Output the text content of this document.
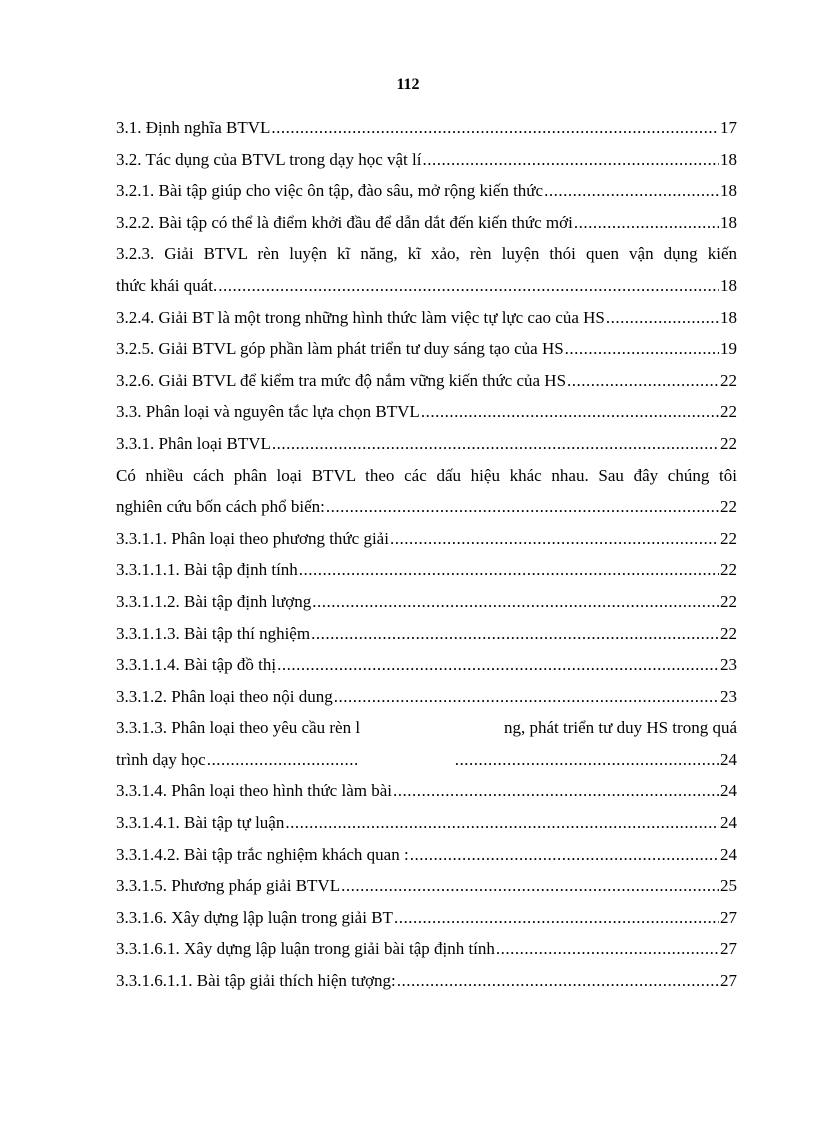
112
3.1. Định nghĩa BTVL .....	17
3.2. Tác dụng của BTVL trong dạy học vật lí .....	18
3.2.1. Bài tập giúp cho việc ôn tập, đào sâu, mở rộng kiến thức .....	18
3.2.2. Bài tập có thể là điểm khởi đầu để dẫn dắt đến kiến thức mới .....	18
3.2.3. Giải BTVL rèn luyện kĩ năng, kĩ xảo, rèn luyện thói quen vận dụng kiến
thức khái quát. .....	18
3.2.4. Giải BT là một trong những hình thức làm việc tự lực cao của HS .....	18
3.2.5. Giải BTVL góp phần làm phát triển tư duy sáng tạo của HS .....	19
3.2.6. Giải BTVL để kiểm tra mức độ nắm vững kiến thức của HS .....	22
3.3. Phân loại và nguyên tắc lựa chọn BTVL .....	22
3.3.1. Phân loại BTVL .....	22
Có nhiều cách phân loại BTVL theo các dấu hiệu khác nhau. Sau đây chúng tôi
nghiên cứu bốn cách phổ biến: .....	22
3.3.1.1. Phân loại theo phương thức giải .....	22
3.3.1.1.1. Bài tập định tính .....	22
3.3.1.1.2. Bài tập định lượng .....	22
3.3.1.1.3. Bài tập thí nghiệm .....	22
3.3.1.1.4. Bài tập đồ thị .....	23
3.3.1.2. Phân loại theo nội dung .....	23
3.3.1.3. Phân loại theo yêu cầu rèn l	ng, phát triển tư duy HS trong quá
trình dạy học ..... .....	24
3.3.1.4. Phân loại theo hình thức làm bài .....	24
3.3.1.4.1. Bài tập tự luận .....	24
3.3.1.4.2. Bài tập trắc nghiệm khách quan : .....	24
3.3.1.5. Phương pháp giải BTVL .....	25
3.3.1.6. Xây dựng lập luận trong giải BT .....	27
3.3.1.6.1. Xây dựng lập luận trong giải bài tập định tính .....	27
3.3.1.6.1.1. Bài tập giải thích hiện tượng: .....	27
